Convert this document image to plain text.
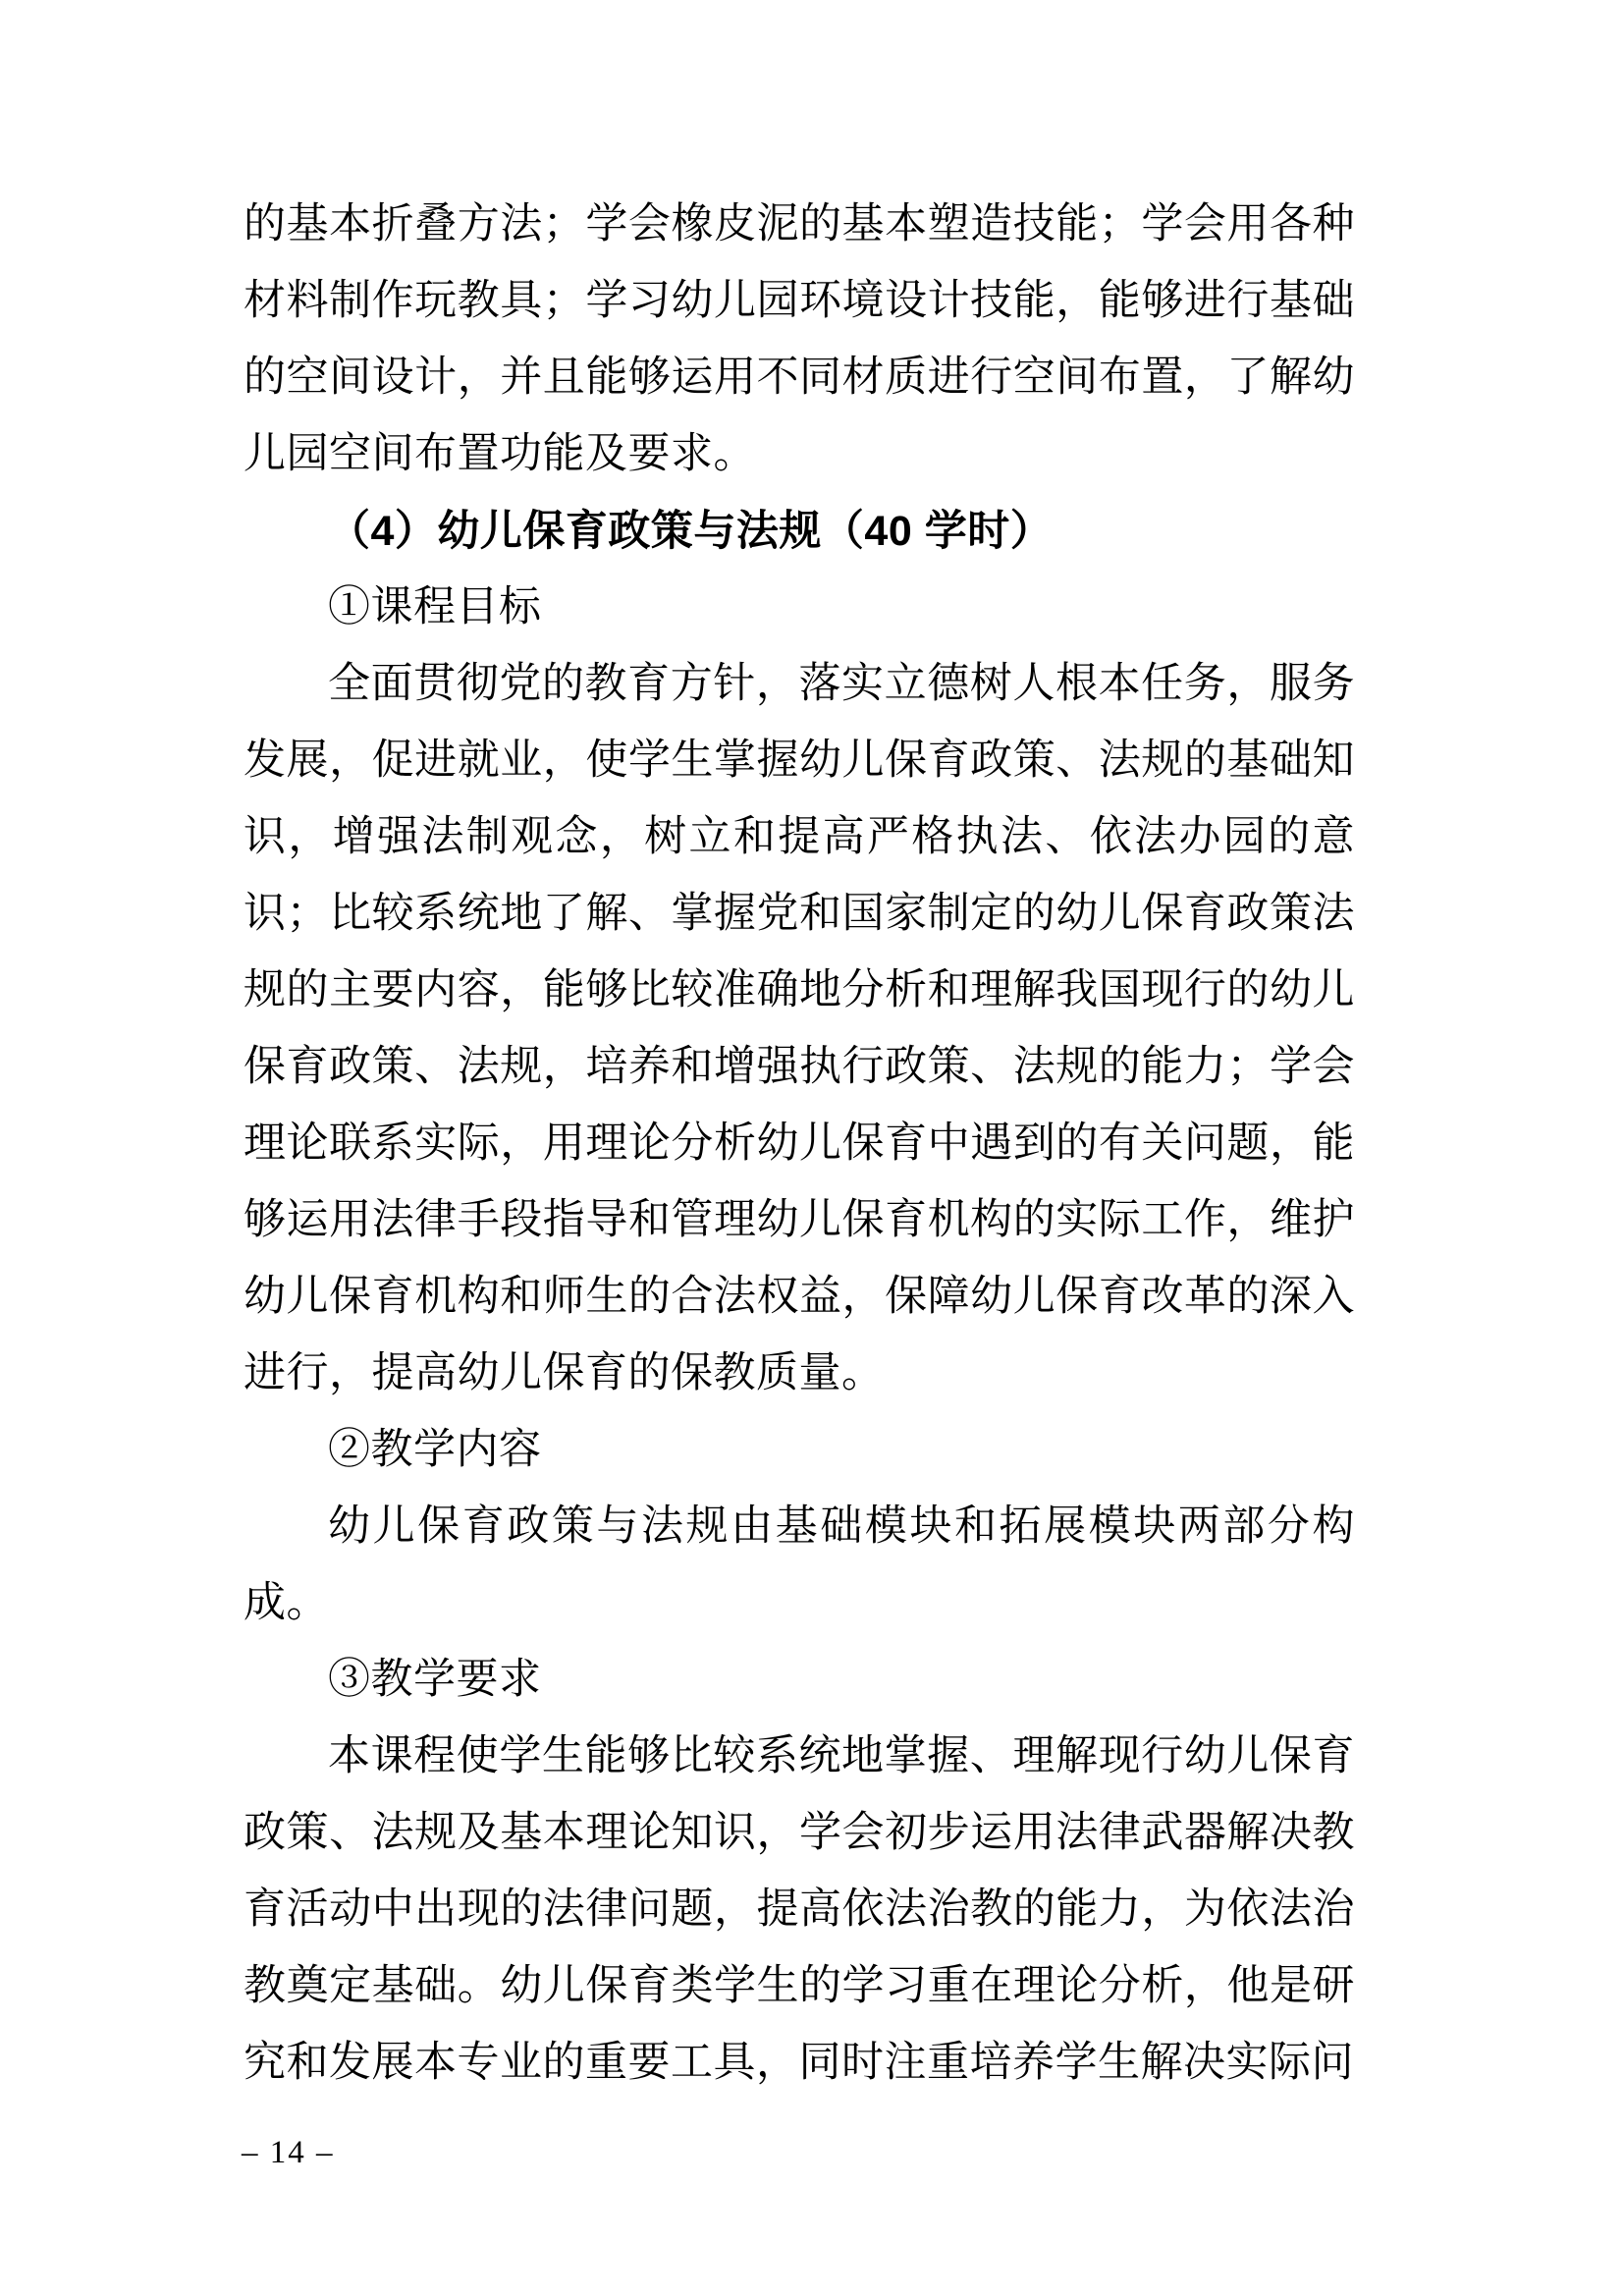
的基本折叠方法；学会橡皮泥的基本塑造技能；学会用各种材料制作玩教具；学习幼儿园环境设计技能，能够进行基础的空间设计，并且能够运用不同材质进行空间布置，了解幼儿园空间布置功能及要求。

（4）幼儿保育政策与法规（40 学时）

①课程目标

全面贯彻党的教育方针，落实立德树人根本任务，服务发展，促进就业，使学生掌握幼儿保育政策、法规的基础知识，增强法制观念，树立和提高严格执法、依法办园的意识；比较系统地了解、掌握党和国家制定的幼儿保育政策法规的主要内容，能够比较准确地分析和理解我国现行的幼儿保育政策、法规，培养和增强执行政策、法规的能力；学会理论联系实际，用理论分析幼儿保育中遇到的有关问题，能够运用法律手段指导和管理幼儿保育机构的实际工作，维护幼儿保育机构和师生的合法权益，保障幼儿保育改革的深入进行，提高幼儿保育的保教质量。

②教学内容

幼儿保育政策与法规由基础模块和拓展模块两部分构成。

③教学要求

本课程使学生能够比较系统地掌握、理解现行幼儿保育政策、法规及基本理论知识，学会初步运用法律武器解决教育活动中出现的法律问题，提高依法治教的能力，为依法治教奠定基础。幼儿保育类学生的学习重在理论分析，他是研究和发展本专业的重要工具，同时注重培养学生解决实际问

– 14 –
